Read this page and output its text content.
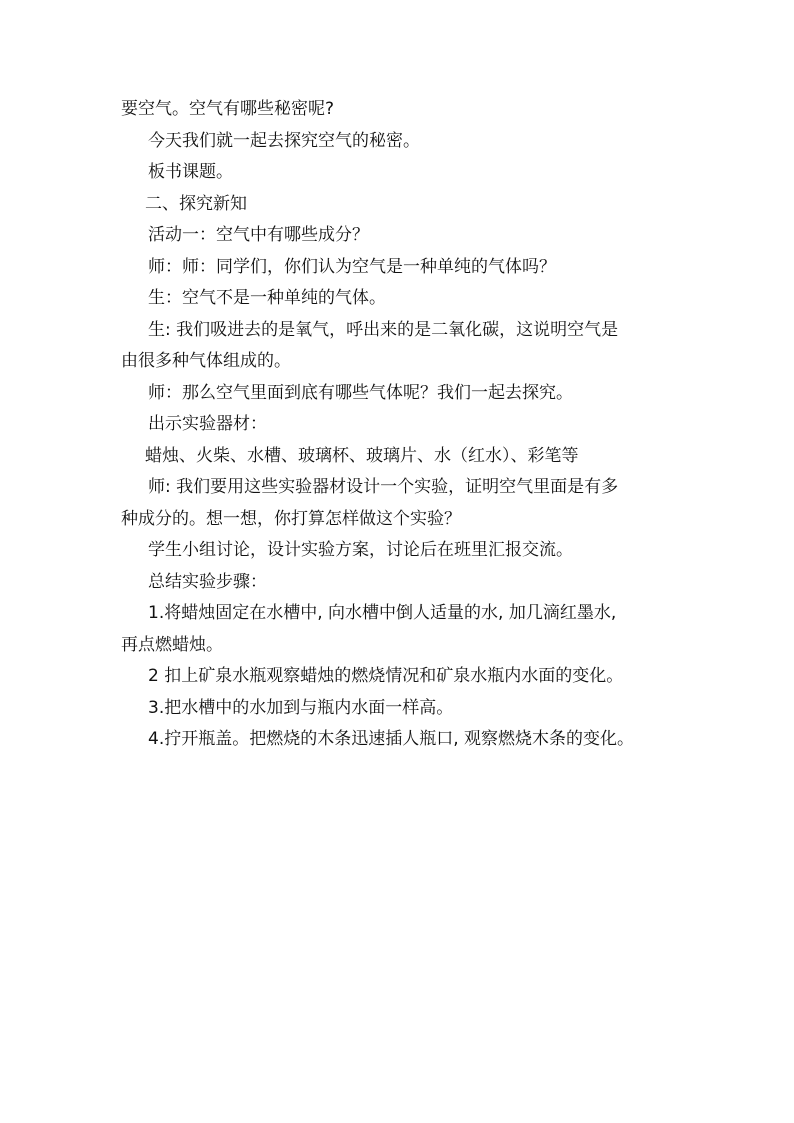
要空气。空气有哪些秘密呢?

今天我们就一起去探究空气的秘密。

板书课题。

二、探究新知

活动一：空气中有哪些成分？

师：师：同学们，你们认为空气是一种单纯的气体吗？

生：空气不是一种单纯的气体。

生: 我们吸进去的是氧气，呼出来的是二氧化碳，这说明空气是

由很多种气体组成的。

师：那么空气里面到底有哪些气体呢？我们一起去探究。

出示实验器材：

蜡烛、火柴、水槽、玻璃杯、玻璃片、水（红水）、彩笔等

师: 我们要用这些实验器材设计一个实验，证明空气里面是有多

种成分的。想一想，你打算怎样做这个实验？

学生小组讨论，设计实验方案，讨论后在班里汇报交流。

总结实验步骤：

1.将蜡烛固定在水槽中, 向水槽中倒人适量的水, 加几滴红墨水,

再点燃蜡烛。

2 扣上矿泉水瓶观察蜡烛的燃烧情况和矿泉水瓶内水面的变化。

3.把水槽中的水加到与瓶内水面一样高。

4.拧开瓶盖。把燃烧的木条迅速插人瓶口, 观察燃烧木条的变化。
